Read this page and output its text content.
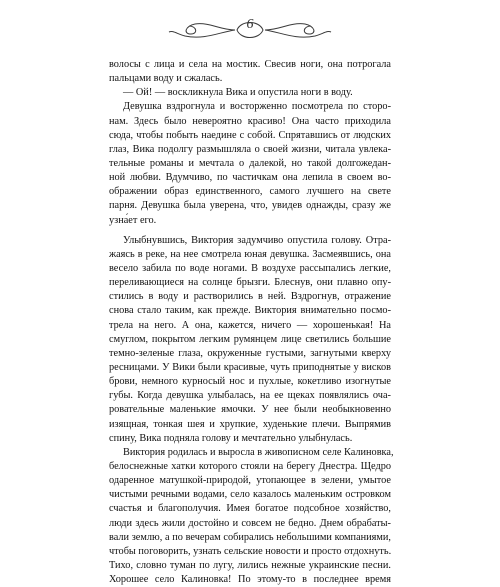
6
волосы с лица и села на мостик. Свесив ноги, она потрогала
пальцами воду и сжалась.
— Ой! — воскликнула Вика и опустила ноги в воду.
Девушка вздрогнула и восторженно посмотрела по сторо-
нам. Здесь было невероятно красиво! Она часто приходила
сюда, чтобы побыть наедине с собой. Спрятавшись от людских
глаз, Вика подолгу размышляла о своей жизни, читала увлека-
тельные романы и мечтала о далекой, но такой долгожедан-
ной любви. Вдумчиво, по частичкам она лепила в своем во-
ображении образ единственного, самого лучшего на свете
парня. Девушка была уверена, что, увидев однажды, сразу же
узна́ет его.
Улыбнувшись, Виктория задумчиво опустила голову. Отра-
жаясь в реке, на нее смотрела юная девушка. Засмеявшись, она
весело забила по воде ногами. В воздухе рассыпались легкие,
переливающиеся на солнце брызги. Блеснув, они плавно опу-
стились в воду и растворились в ней. Вздрогнув, отражение
снова стало таким, как прежде. Виктория внимательно посмо-
трела на него. А она, кажется, ничего — хорошенькая! На
смуглом, покрытом легким румянцем лице светились большие
темно-зеленые глаза, окруженные густыми, загнутыми кверху
ресницами. У Вики были красивые, чуть приподнятые у висков
брови, немного курносый нос и пухлые, кокетливо изогнутые
губы. Когда девушка улыбалась, на ее щеках появлялись оча-
ровательные маленькие ямочки. У нее были необыкновенно
изящная, тонкая шея и хрупкие, худенькие плечи. Выпрямив
спину, Вика подняла голову и мечтательно улыбнулась.
Виктория родилась и выросла в живописном селе Калиновка,
белоснежные хатки которого стояли на берегу Днестра. Щедро
одаренное матушкой-природой, утопающее в зелени, умытое
чистыми речными водами, село казалось маленьким островком
счастья и благополучия. Имея богатое подсобное хозяйство,
люди здесь жили достойно и совсем не бедно. Днем обрабаты-
вали землю, а по вечерам собирались небольшими компаниями,
чтобы поговорить, узнать сельские новости и просто отдохнуть.
Тихо, словно туман по лугу, лились нежные украинские песни.
Хорошее село Калиновка! По этому-то в последнее время
